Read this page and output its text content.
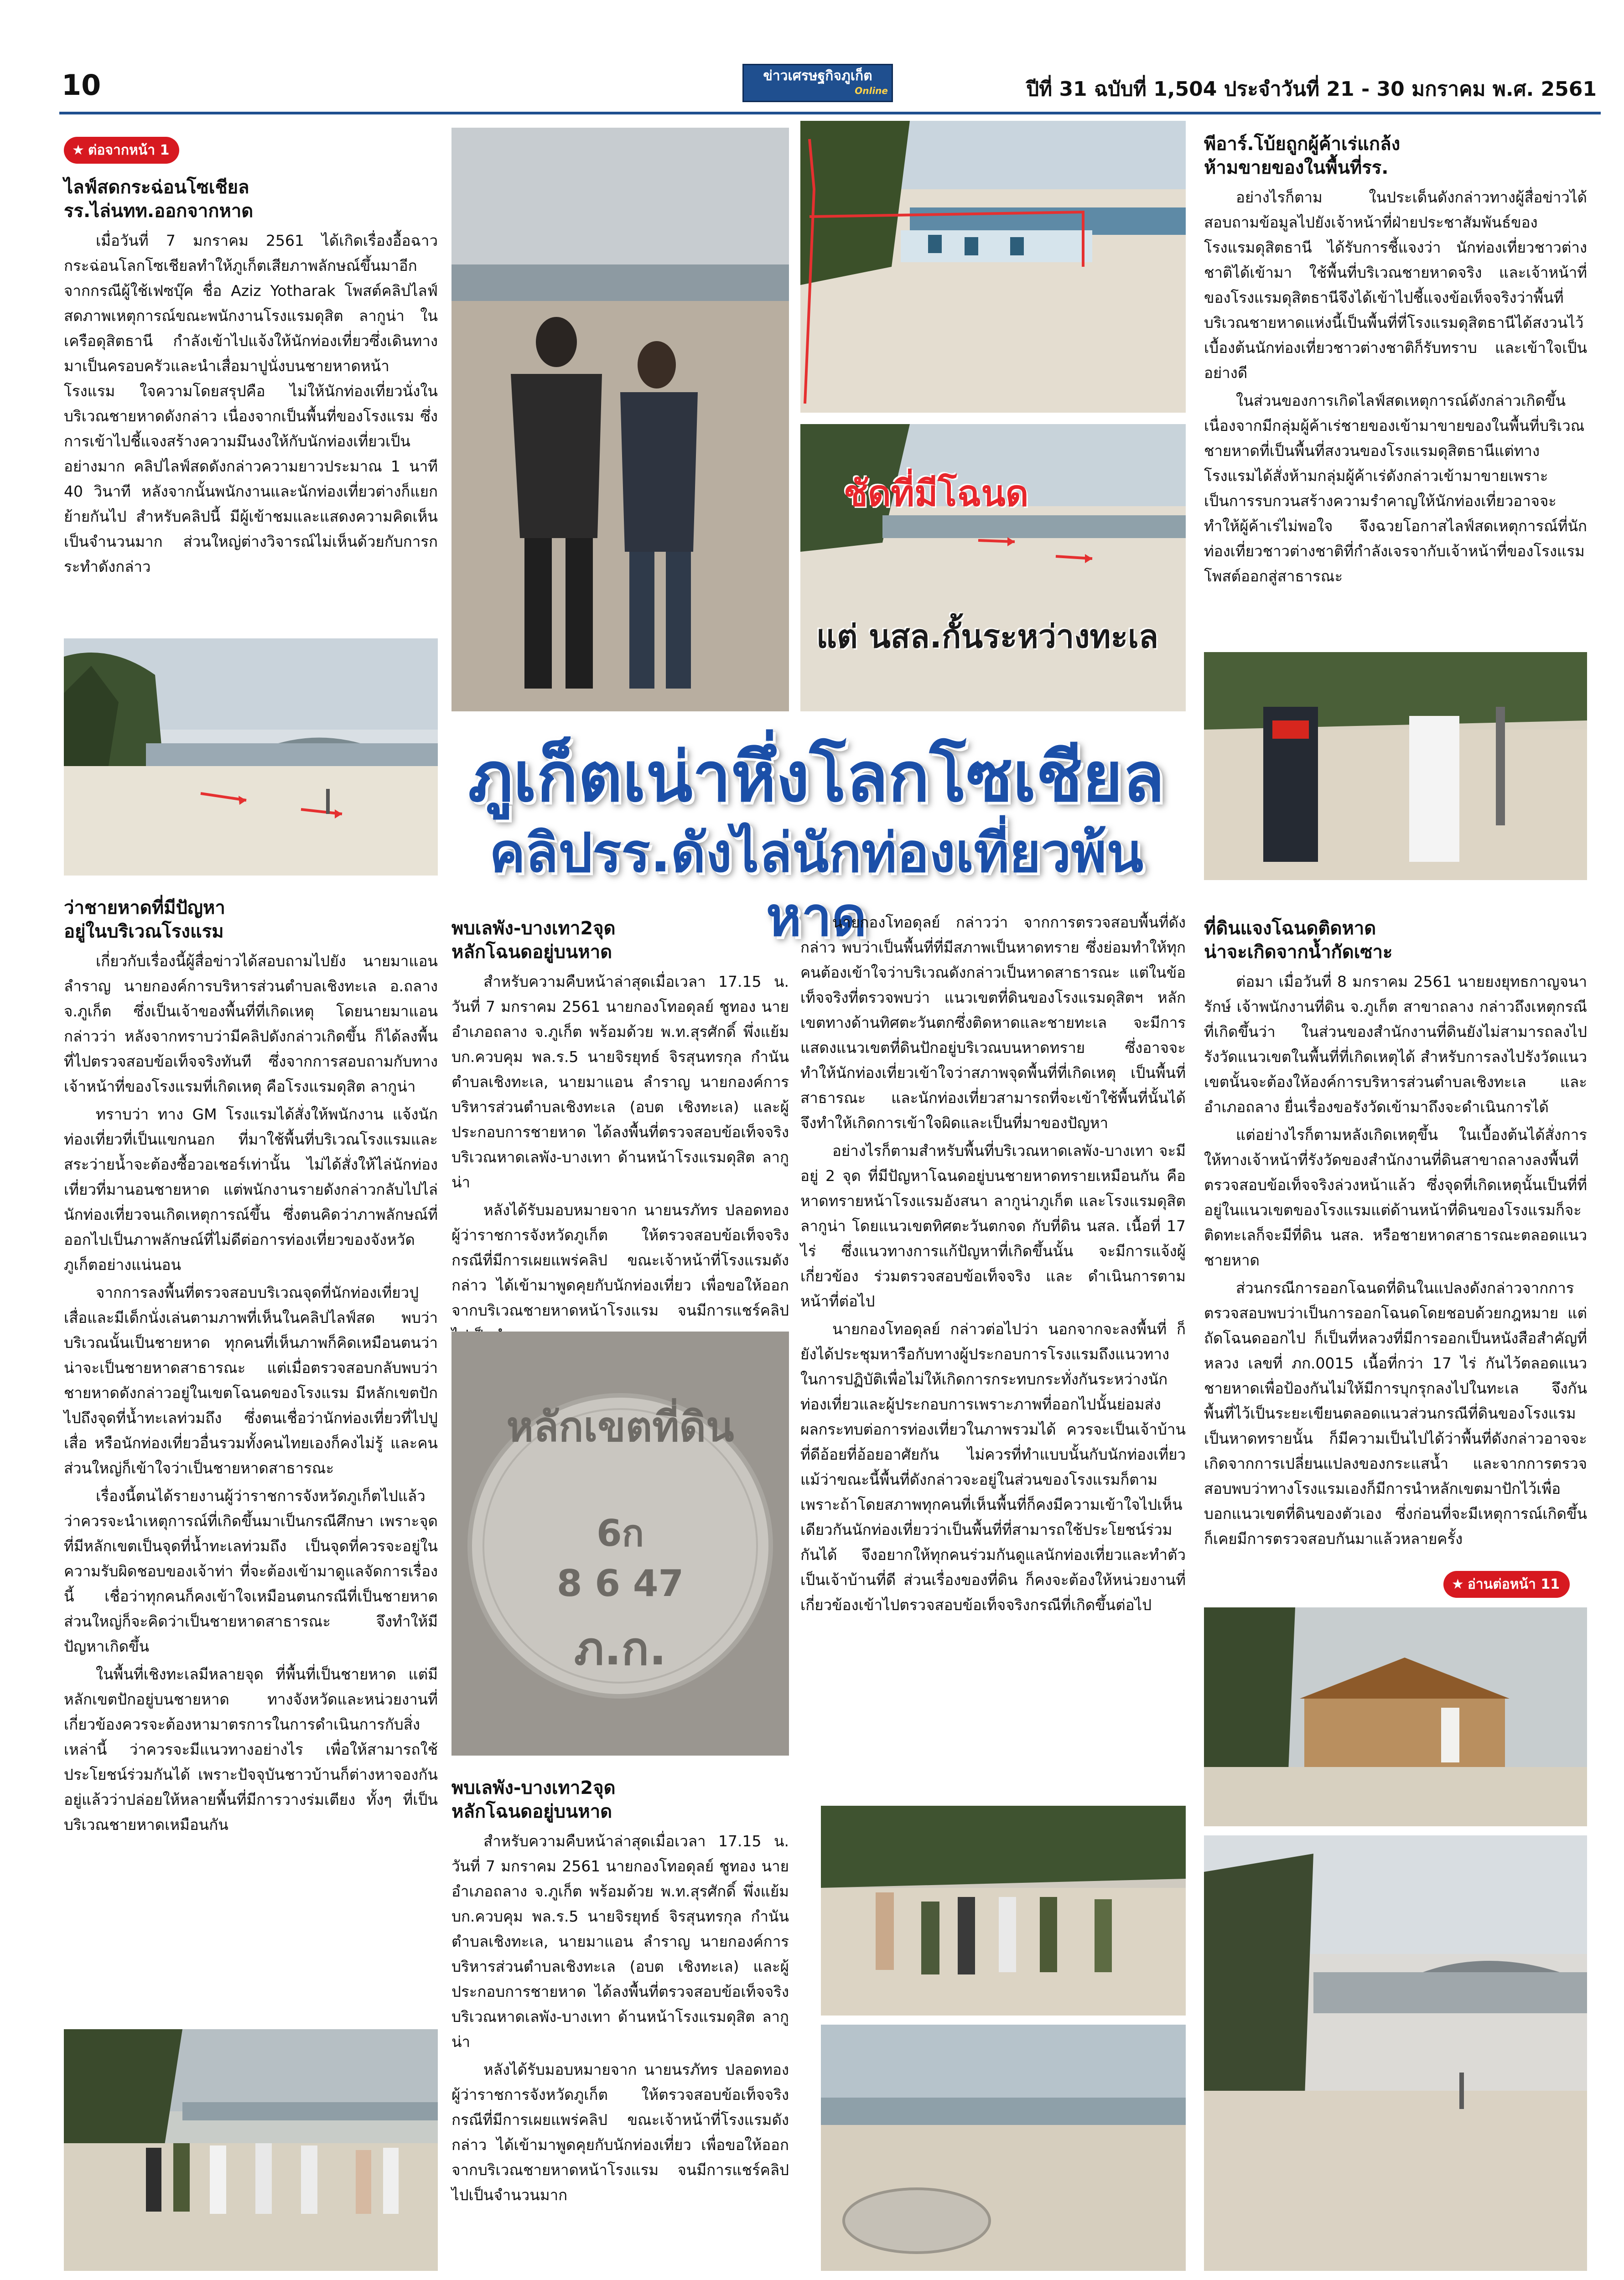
10	ข่าวเศรษฐกิจภูเก็ต
Online	ปีที่ 31 ฉบับที่ 1,504 ประจำวันที่ 21 - 30 มกราคม พ.ศ. 2561
★ ต่อจากหน้า 1
ไลฟ์สดกระฉ่อนโซเชียล
รร.ไล่นทท.ออกจากหาด

เมื่อวันที่ 7 มกราคม 2561 ได้เกิดเรื่องอื้อฉาวกระฉ่อนโลกโซเชียลทำให้ภูเก็ตเสียภาพลักษณ์ขึ้นมาอีก จากกรณีผู้ใช้เฟซบุ๊ค ชื่อ Aziz Yotharak โพสต์คลิปไลฟ์สดภาพเหตุการณ์ขณะพนักงานโรงแรมดุสิต ลากูน่า ในเครือดุสิตธานี กำลังเข้าไปแจ้งให้นักท่องเที่ยวซึ่งเดินทางมาเป็นครอบครัวและนำเสื่อมาปูนั่งบนชายหาดหน้าโรงแรม ใจความโดยสรุปคือ ไม่ให้นักท่องเที่ยวนั่งในบริเวณชายหาดดังกล่าว เนื่องจากเป็นพื้นที่ของโรงแรม ซึ่งการเข้าไปชี้แจงสร้างความมึนงงให้กับนักท่องเที่ยวเป็นอย่างมาก คลิปไลฟ์สดดังกล่าวความยาวประมาณ 1 นาที 40 วินาที หลังจากนั้นพนักงานและนักท่องเที่ยวต่างก็แยกย้ายกันไป สำหรับคลิปนี้ มีผู้เข้าชมและแสดงความคิดเห็นเป็นจำนวนมาก ส่วนใหญ่ต่างวิจารณ์ไม่เห็นด้วยกับการกระทำดังกล่าว

ว่าชายหาดที่มีปัญหา
อยู่ในบริเวณโรงแรม

เกี่ยวกับเรื่องนี้ผู้สื่อข่าวได้สอบถามไปยัง นายมาแอน ลำราญ นายกองค์การบริหารส่วนตำบลเชิงทะเล อ.ถลาง จ.ภูเก็ต ซึ่งเป็นเจ้าของพื้นที่ที่เกิดเหตุ โดยนายมาแอน กล่าวว่า หลังจากทราบว่ามีคลิปดังกล่าวเกิดขึ้น ก็ได้ลงพื้นที่ไปตรวจสอบข้อเท็จจริงทันที ซึ่งจากการสอบถามกับทางเจ้าหน้าที่ของโรงแรมที่เกิดเหตุ คือโรงแรมดุสิต ลากูน่า

ทราบว่า ทาง GM โรงแรมได้สั่งให้พนักงาน แจ้งนักท่องเที่ยวที่เป็นแขกนอก ที่มาใช้พื้นที่บริเวณโรงแรมและสระว่ายน้ำจะต้องซื้อวอเชอร์เท่านั้น ไม่ได้สั่งให้ไล่นักท่องเที่ยวที่มานอนชายหาด แต่พนักงานรายดังกล่าวกลับไปไล่นักท่องเที่ยวจนเกิดเหตุการณ์ขึ้น ซึ่งตนคิดว่าภาพลักษณ์ที่ออกไปเป็นภาพลักษณ์ที่ไม่ดีต่อการท่องเที่ยวของจังหวัดภูเก็ตอย่างแน่นอน

จากการลงพื้นที่ตรวจสอบบริเวณจุดที่นักท่องเที่ยวปูเสื่อและมีเด็กนั่งเล่นตามภาพที่เห็นในคลิปไลฟ์สด พบว่า บริเวณนั้นเป็นชายหาด ทุกคนที่เห็นภาพก็คิดเหมือนตนว่า น่าจะเป็นชายหาดสาธารณะ แต่เมื่อตรวจสอบกลับพบว่า ชายหาดดังกล่าวอยู่ในเขตโฉนดของโรงแรม มีหลักเขตปักไปถึงจุดที่น้ำทะเลท่วมถึง ซึ่งตนเชื่อว่านักท่องเที่ยวที่ไปปูเสื่อ หรือนักท่องเที่ยวอื่นรวมทั้งคนไทยเองก็คงไม่รู้ และคนส่วนใหญ่ก็เข้าใจว่าเป็นชายหาดสาธารณะ

เรื่องนี้ตนได้รายงานผู้ว่าราชการจังหวัดภูเก็ตไปแล้ว ว่าควรจะนำเหตุการณ์ที่เกิดขึ้นมาเป็นกรณีศึกษา เพราะจุดที่มีหลักเขตเป็นจุดที่น้ำทะเลท่วมถึง เป็นจุดที่ควรจะอยู่ในความรับผิดชอบของเจ้าท่า ที่จะต้องเข้ามาดูแลจัดการเรื่องนี้ เชื่อว่าทุกคนก็คงเข้าใจเหมือนตนกรณีที่เป็นชายหาดส่วนใหญ่ก็จะคิดว่าเป็นชายหาดสาธารณะ จึงทำให้มีปัญหาเกิดขึ้น

ในพื้นที่เชิงทะเลมีหลายจุด ที่พื้นที่เป็นชายหาด แต่มีหลักเขตปักอยู่บนชายหาด ทางจังหวัดและหน่วยงานที่เกี่ยวข้องควรจะต้องหามาตรการในการดำเนินการกับสิ่งเหล่านี้ ว่าควรจะมีแนวทางอย่างไร เพื่อให้สามารถใช้ประโยชน์ร่วมกันได้ เพราะปัจจุบันชาวบ้านก็ต่างหาจองกันอยู่แล้วว่าปล่อยให้หลายพื้นที่มีการวางร่มเตียง ทั้งๆ ที่เป็นบริเวณชายหาดเหมือนกัน

ภูเก็ตเน่าหึ่งโลกโซเชียล
คลิปรร.ดังไล่นักท่องเที่ยวพ้นหาด
พบเลพัง-บางเทา2จุด
หลักโฉนดอยู่บนหาด

สำหรับความคืบหน้าล่าสุดเมื่อเวลา 17.15 น. วันที่ 7 มกราคม 2561 นายกองโทอดุลย์ ชูทอง นายอำเภอถลาง จ.ภูเก็ต พร้อมด้วย พ.ท.สุรศักดิ์ พึ่งแย้ม บก.ควบคุม พล.ร.5 นายจิรยุทธ์ จิรสุนทรกุล กำนันตำบลเชิงทะเล, นายมาแอน ลำราญ นายกองค์การบริหารส่วนตำบลเชิงทะเล (อบต เชิงทะเล) และผู้ประกอบการชายหาด ได้ลงพื้นที่ตรวจสอบข้อเท็จจริงบริเวณหาดเลพัง-บางเทา ด้านหน้าโรงแรมดุสิต ลากูน่า

หลังได้รับมอบหมายจาก นายนรภัทร ปลอดทอง ผู้ว่าราชการจังหวัดภูเก็ต ให้ตรวจสอบข้อเท็จจริง กรณีที่มีการเผยแพร่คลิป ขณะเจ้าหน้าที่โรงแรมดังกล่าว ได้เข้ามาพูดคุยกับนักท่องเที่ยว เพื่อขอให้ออกจากบริเวณชายหาดหน้าโรงแรม จนมีการแชร์คลิป

หลักเขตที่ดิน
6ก
8 6 47
ภ.ก.
พบเลพัง-บางเทา2จุด
หลักโฉนดอยู่บนหาด

สำหรับความคืบหน้าล่าสุดเมื่อเวลา 17.15 น. วันที่ 7 มกราคม 2561 นายกองโทอดุลย์ ชูทอง นายอำเภอถลาง จ.ภูเก็ต พร้อมด้วย พ.ท.สุรศักดิ์ พึ่งแย้ม บก.ควบคุม พล.ร.5 นายจิรยุทธ์ จิรสุนทรกุล กำนันตำบลเชิงทะเล, นายมาแอน ลำราญ นายกองค์การบริหารส่วนตำบลเชิงทะเล (อบต เชิงทะเล) และผู้ประกอบการชายหาด ได้ลงพื้นที่ตรวจสอบข้อเท็จจริงบริเวณหาดเลพัง-บางเทา ด้านหน้าโรงแรมดุสิต ลากูน่า

หลังได้รับมอบหมายจาก นายนรภัทร ปลอดทอง ผู้ว่าราชการจังหวัดภูเก็ต ให้ตรวจสอบข้อเท็จจริง กรณีที่มีการเผยแพร่คลิป ขณะเจ้าหน้าที่โรงแรมดังกล่าว ได้เข้ามาพูดคุยกับนักท่องเที่ยว เพื่อขอให้ออกจากบริเวณชายหาดหน้าโรงแรม จนมีการแชร์คลิปไปเป็นจำนวนมาก

ชัดที่มีโฉนด
แต่ นสล.กั้นระหว่างทะเล

นายกองโทอดุลย์ กล่าวว่า จากการตรวจสอบพื้นที่ดังกล่าว พบว่าเป็นพื้นที่ที่มีสภาพเป็นหาดทราย ซึ่งย่อมทำให้ทุกคนต้องเข้าใจว่าบริเวณดังกล่าวเป็นหาดสาธารณะ แต่ในข้อเท็จจริงที่ตรวจพบว่า แนวเขตที่ดินของโรงแรมดุสิตฯ หลักเขตทางด้านทิศตะวันตกซึ่งติดหาดและชายทะเล จะมีการแสดงแนวเขตที่ดินปักอยู่บริเวณบนหาดทราย ซึ่งอาจจะทำให้นักท่องเที่ยวเข้าใจว่าสภาพจุดพื้นที่ที่เกิดเหตุ เป็นพื้นที่สาธารณะ และนักท่องเที่ยวสามารถที่จะเข้าใช้พื้นที่นั้นได้ จึงทำให้เกิดการเข้าใจผิดและเป็นที่มาของปัญหา

อย่างไรก็ตามสำหรับพื้นที่บริเวณหาดเลพัง-บางเทา จะมีอยู่ 2 จุด ที่มีปัญหาโฉนดอยู่บนชายหาดทรายเหมือนกัน คือ หาดทรายหน้าโรงแรมอังสนา ลากูน่าภูเก็ต และโรงแรมดุสิต ลากูน่า โดยแนวเขตทิศตะวันตกจด กับที่ดิน นสล. เนื้อที่ 17 ไร่ ซึ่งแนวทางการแก้ปัญหาที่เกิดขึ้นนั้น จะมีการแจ้งผู้เกี่ยวข้อง ร่วมตรวจสอบข้อเท็จจริง และ ดำเนินการตามหน้าที่ต่อไป

นายกองโทอดุลย์ กล่าวต่อไปว่า นอกจากจะลงพื้นที่ ก็ยังได้ประชุมหารือกับทางผู้ประกอบการโรงแรมถึงแนวทางในการปฏิบัติเพื่อไม่ให้เกิดการกระทบกระทั่งกันระหว่างนักท่องเที่ยวและผู้ประกอบการเพราะภาพที่ออกไปนั้นย่อมส่งผลกระทบต่อการท่องเที่ยวในภาพรวมได้ ควรจะเป็นเจ้าบ้านที่ดีอ้อยที่อ้อยอาศัยกัน ไม่ควรที่ทำแบบนั้นกับนักท่องเที่ยวแม้ว่าขณะนี้พื้นที่ดังกล่าวจะอยู่ในส่วนของโรงแรมก็ตาม เพราะถ้าโดยสภาพทุกคนที่เห็นพื้นที่ก็คงมีความเข้าใจไปเห็นเดียวกันนักท่องเที่ยวว่าเป็นพื้นที่ที่สามารถใช้ประโยชน์ร่วมกันได้ จึงอยากให้ทุกคนร่วมกันดูแลนักท่องเที่ยวและทำตัวเป็นเจ้าบ้านที่ดี ส่วนเรื่องของที่ดิน ก็คงจะต้องให้หน่วยงานที่เกี่ยวข้องเข้าไปตรวจสอบข้อเท็จจริงกรณีที่เกิดขึ้นต่อไป

พีอาร์.โบ้ยถูกผู้ค้าเร่แกล้ง
ห้ามขายของในพื้นที่รร.

อย่างไรก็ตาม ในประเด็นดังกล่าวทางผู้สื่อข่าวได้สอบถามข้อมูลไปยังเจ้าหน้าที่ฝ่ายประชาสัมพันธ์ของโรงแรมดุสิตธานี ได้รับการชี้แจงว่า นักท่องเที่ยวชาวต่างชาติได้เข้ามา ใช้พื้นที่บริเวณชายหาดจริง และเจ้าหน้าที่ของโรงแรมดุสิตธานีจึงได้เข้าไปชี้แจงข้อเท็จจริงว่าพื้นที่บริเวณชายหาดแห่งนี้เป็นพื้นที่ที่โรงแรมดุสิตธานีได้สงวนไว้ เบื้องต้นนักท่องเที่ยวชาวต่างชาติก็รับทราบ และเข้าใจเป็นอย่างดี

ในส่วนของการเกิดไลฟ์สดเหตุการณ์ดังกล่าวเกิดขึ้นเนื่องจากมีกลุ่มผู้ค้าเร่ชายของเข้ามาขายของในพื้นที่บริเวณชายหาดที่เป็นพื้นที่สงวนของโรงแรมดุสิตธานีแต่ทางโรงแรมได้สั่งห้ามกลุ่มผู้ค้าเร่ดังกล่าวเข้ามาขายเพราะเป็นการรบกวนสร้างความรำคาญให้นักท่องเที่ยวอาจจะทำให้ผู้ค้าเร่ไม่พอใจ จึงฉวยโอกาสไลฟ์สดเหตุการณ์ที่นักท่องเที่ยวชาวต่างชาติที่กำลังเจรจากับเจ้าหน้าที่ของโรงแรมโพสต์ออกสู่สาธารณะ

ที่ดินแจงโฉนดติดหาด
น่าจะเกิดจากน้ำกัดเซาะ

ต่อมา เมื่อวันที่ 8 มกราคม 2561 นายยงยุทธกาญจนารักษ์ เจ้าพนักงานที่ดิน จ.ภูเก็ต สาขาถลาง กล่าวถึงเหตุกรณีที่เกิดขึ้นว่า ในส่วนของสำนักงานที่ดินยังไม่สามารถลงไปรังวัดแนวเขตในพื้นที่ที่เกิดเหตุได้ สำหรับการลงไปรังวัดแนวเขตนั้นจะต้องให้องค์การบริหารส่วนตำบลเชิงทะเล และอำเภอถลาง ยื่นเรื่องขอรังวัดเข้ามาถึงจะดำเนินการได้

แต่อย่างไรก็ตามหลังเกิดเหตุขึ้น ในเบื้องต้นได้สั่งการให้ทางเจ้าหน้าที่รังวัดของสำนักงานที่ดินสาขาถลางลงพื้นที่ตรวจสอบข้อเท็จจริงล่วงหน้าแล้ว ซึ่งจุดที่เกิดเหตุนั้นเป็นที่ที่อยู่ในแนวเขตของโรงแรมแต่ด้านหน้าที่ดินของโรงแรมก็จะติดทะเลก็จะมีที่ดิน นสล. หรือชายหาดสาธารณะตลอดแนวชายหาด

ส่วนกรณีการออกโฉนดที่ดินในแปลงดังกล่าวจากการตรวจสอบพบว่าเป็นการออกโฉนดโดยชอบด้วยกฎหมาย แต่ถัดโฉนดออกไป ก็เป็นที่หลวงที่มีการออกเป็นหนังสือสำคัญที่หลวง เลขที่ ภก.0015 เนื้อที่กว่า 17 ไร่ กันไว้ตลอดแนวชายหาดเพื่อป้องกันไม่ให้มีการบุกรุกลงไปในทะเล จึงกันพื้นที่ไว้เป็นระยะเขียนตลอดแนวส่วนกรณีที่ดินของโรงแรมเป็นหาดทรายนั้น ก็มีความเป็นไปได้ว่าพื้นที่ดังกล่าวอาจจะเกิดจากการเปลี่ยนแปลงของกระแสน้ำ และจากการตรวจสอบพบว่าทางโรงแรมเองก็มีการนำหลักเขตมาปักไว้เพื่อบอกแนวเขตที่ดินของตัวเอง ซึ่งก่อนที่จะมีเหตุการณ์เกิดขึ้นก็เคยมีการตรวจสอบกันมาแล้วหลายครั้ง

★ อ่านต่อหน้า 11
